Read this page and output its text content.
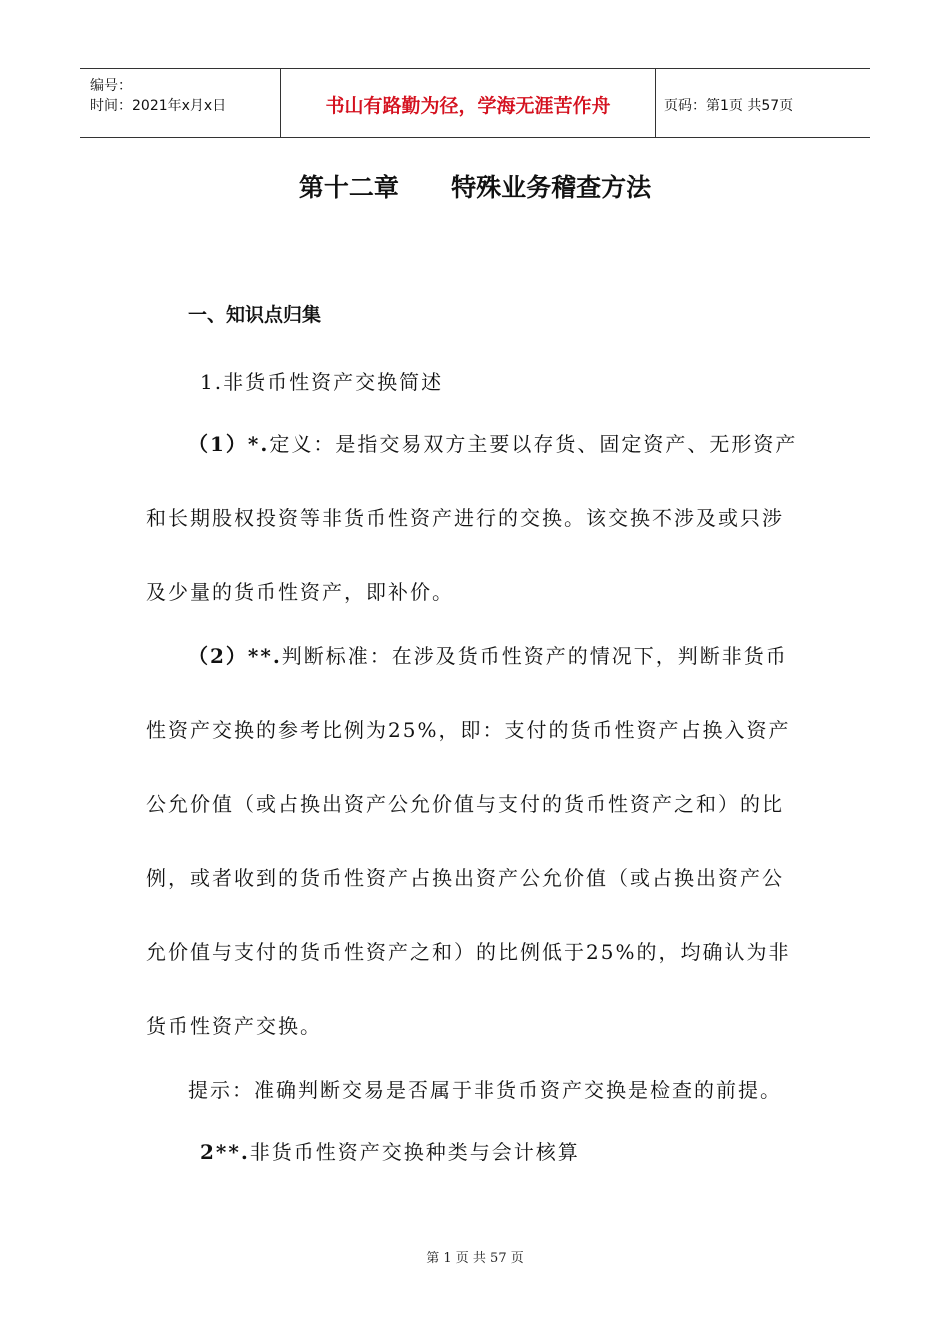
编号：
时间：2021年x月x日	书山有路勤为径，学海无涯苦作舟	页码：第1页 共57页
第十二章      特殊业务稽查方法
一、知识点归集
1.非货币性资产交换简述
（1）*.定义：是指交易双方主要以存货、固定资产、无形资产
和长期股权投资等非货币性资产进行的交换。该交换不涉及或只涉
及少量的货币性资产，即补价。
（2）**.判断标准：在涉及货币性资产的情况下，判断非货币
性资产交换的参考比例为25%，即：支付的货币性资产占换入资产
公允价值（或占换出资产公允价值与支付的货币性资产之和）的比
例，或者收到的货币性资产占换出资产公允价值（或占换出资产公
允价值与支付的货币性资产之和）的比例低于25%的，均确认为非
货币性资产交换。
提示：准确判断交易是否属于非货币资产交换是检查的前提。
2**.非货币性资产交换种类与会计核算
第 1 页 共 57 页
